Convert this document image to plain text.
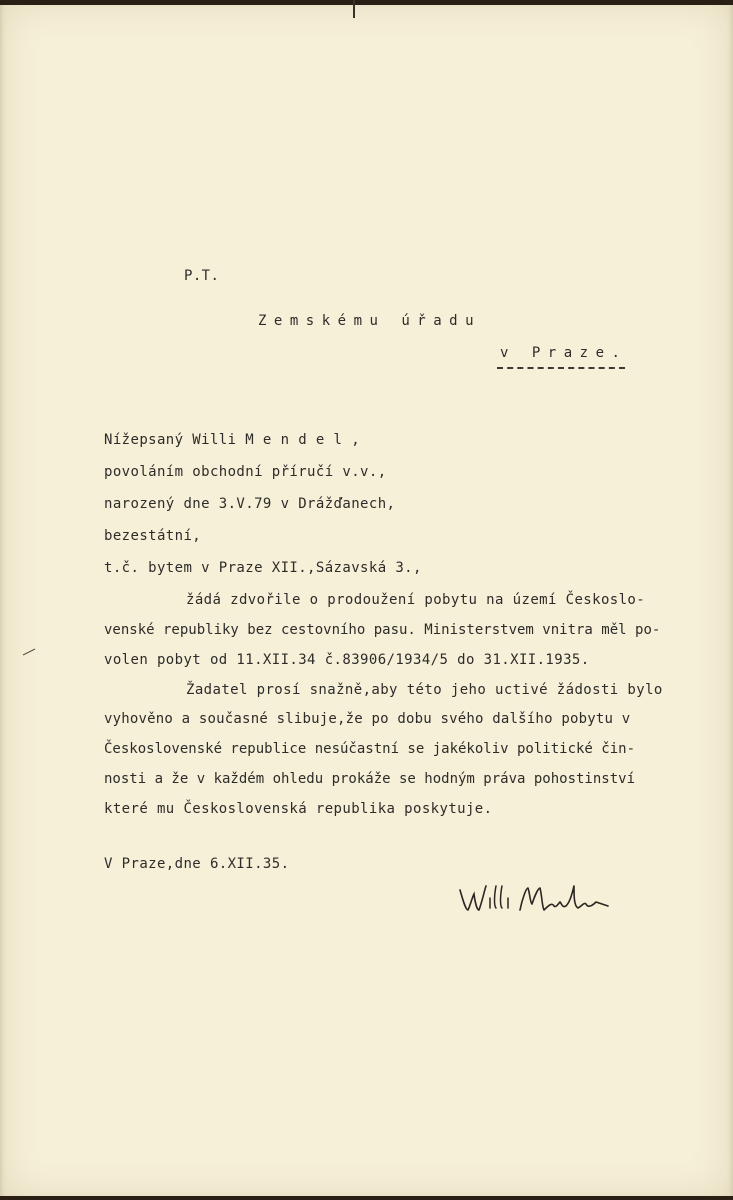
P.T.
Zemskému úřadu
v Praze.
Nížepsaný Willi M e n d e l ,
povoláním obchodní příručí v.v.,
narozený dne 3.V.79 v Drážďanech,
bezestátní,
t.č. bytem v Praze XII.,Sázavská 3.,
žádá zdvořile o prodoužení pobytu na území Českoslo-
venské republiky bez cestovního pasu. Ministerstvem vnitra měl po-
volen pobyt od 11.XII.34 č.83906/1934/5 do 31.XII.1935.
Žadatel prosí snažně,aby této jeho uctivé žádosti bylo
vyhověno a současné slibuje,že po dobu svého dalšího pobytu v
Československé republice nesúčastní se jakékoliv politické čin-
nosti a že v každém ohledu prokáže se hodným práva pohostinství
které mu Československá republika poskytuje.
V Praze,dne 6.XII.35.
